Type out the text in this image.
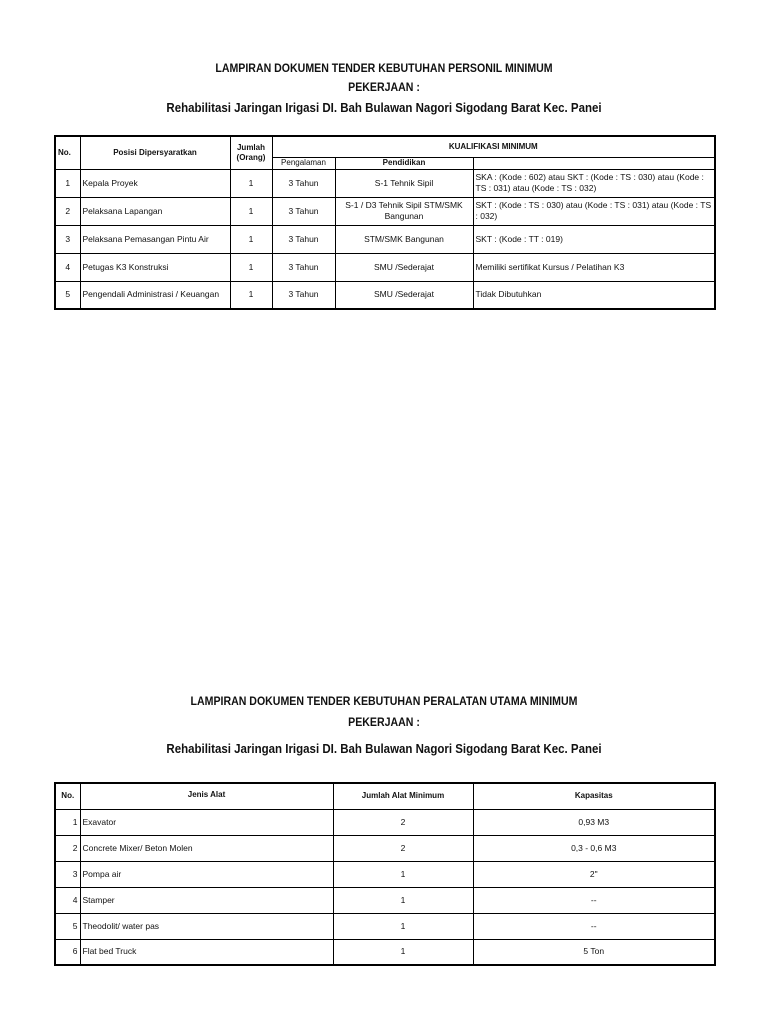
LAMPIRAN DOKUMEN TENDER KEBUTUHAN PERSONIL MINIMUM
PEKERJAAN :
Rehabilitasi Jaringan Irigasi DI. Bah Bulawan Nagori Sigodang Barat Kec. Panei
No.	Posisi Dipersyaratkan	Jumlah (Orang)	KUALIFIKASI MINIMUM		
			Pengalaman	Pendidikan	
1	Kepala Proyek	1	3 Tahun	S-1 Tehnik Sipil	SKA : (Kode : 602) atau SKT : (Kode : TS : 030) atau (Kode : TS : 031) atau (Kode : TS : 032)
2	Pelaksana Lapangan	1	3 Tahun	S-1 / D3 Tehnik Sipil STM/SMK Bangunan	SKT : (Kode : TS : 030) atau (Kode : TS : 031) atau (Kode : TS : 032)
3	Pelaksana Pemasangan Pintu Air	1	3 Tahun	STM/SMK Bangunan	SKT : (Kode : TT : 019)
4	Petugas K3 Konstruksi	1	3 Tahun	SMU /Sederajat	Memiliki sertifikat Kursus / Pelatihan K3
5	Pengendali Administrasi / Keuangan	1	3 Tahun	SMU /Sederajat	Tidak Dibutuhkan
LAMPIRAN DOKUMEN TENDER KEBUTUHAN PERALATAN UTAMA MINIMUM
PEKERJAAN :
Rehabilitasi Jaringan Irigasi DI. Bah Bulawan Nagori Sigodang Barat Kec. Panei
No.	Jenis Alat	Jumlah Alat Minimum	Kapasitas
1	Exavator	2	0,93 M3
2	Concrete Mixer/ Beton Molen	2	0,3 - 0,6 M3
3	Pompa air	1	2"
4	Stamper	1	--
5	Theodolit/ water pas	1	--
6	Flat bed Truck	1	5 Ton
